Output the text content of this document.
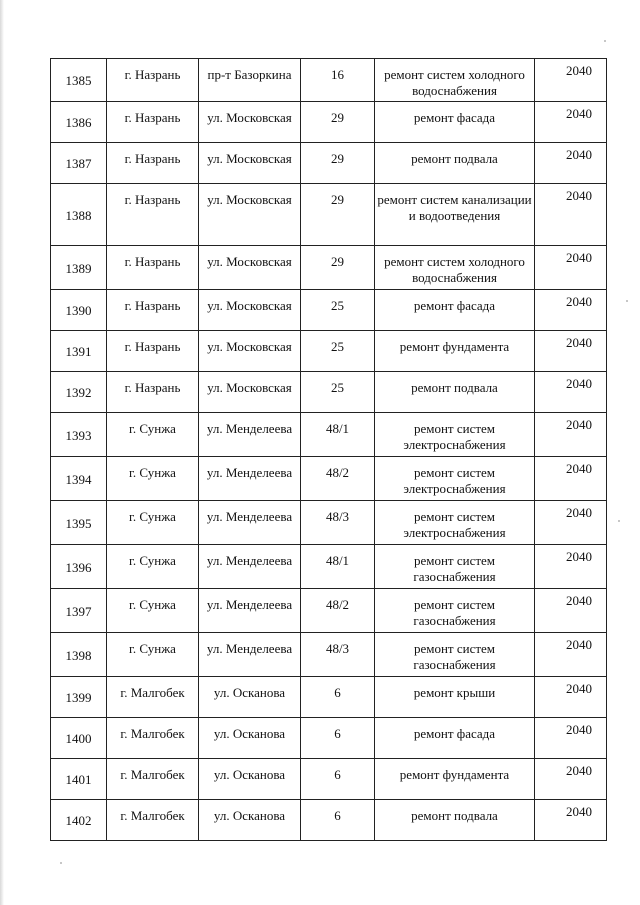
1385	г. Назрань	пр-т Базоркина	16	ремонт систем холодного водоснабжения	2040
1386	г. Назрань	ул. Московская	29	ремонт фасада	2040
1387	г. Назрань	ул. Московская	29	ремонт подвала	2040
1388	г. Назрань	ул. Московская	29	ремонт систем канализации и водоотведения	2040
1389	г. Назрань	ул. Московская	29	ремонт систем холодного водоснабжения	2040
1390	г. Назрань	ул. Московская	25	ремонт фасада	2040
1391	г. Назрань	ул. Московская	25	ремонт фундамента	2040
1392	г. Назрань	ул. Московская	25	ремонт подвала	2040
1393	г. Сунжа	ул. Менделеева	48/1	ремонт систем электроснабжения	2040
1394	г. Сунжа	ул. Менделеева	48/2	ремонт систем электроснабжения	2040
1395	г. Сунжа	ул. Менделеева	48/3	ремонт систем электроснабжения	2040
1396	г. Сунжа	ул. Менделеева	48/1	ремонт систем газоснабжения	2040
1397	г. Сунжа	ул. Менделеева	48/2	ремонт систем газоснабжения	2040
1398	г. Сунжа	ул. Менделеева	48/3	ремонт систем газоснабжения	2040
1399	г. Малгобек	ул. Осканова	6	ремонт крыши	2040
1400	г. Малгобек	ул. Осканова	6	ремонт фасада	2040
1401	г. Малгобек	ул. Осканова	6	ремонт фундамента	2040
1402	г. Малгобек	ул. Осканова	6	ремонт подвала	2040
